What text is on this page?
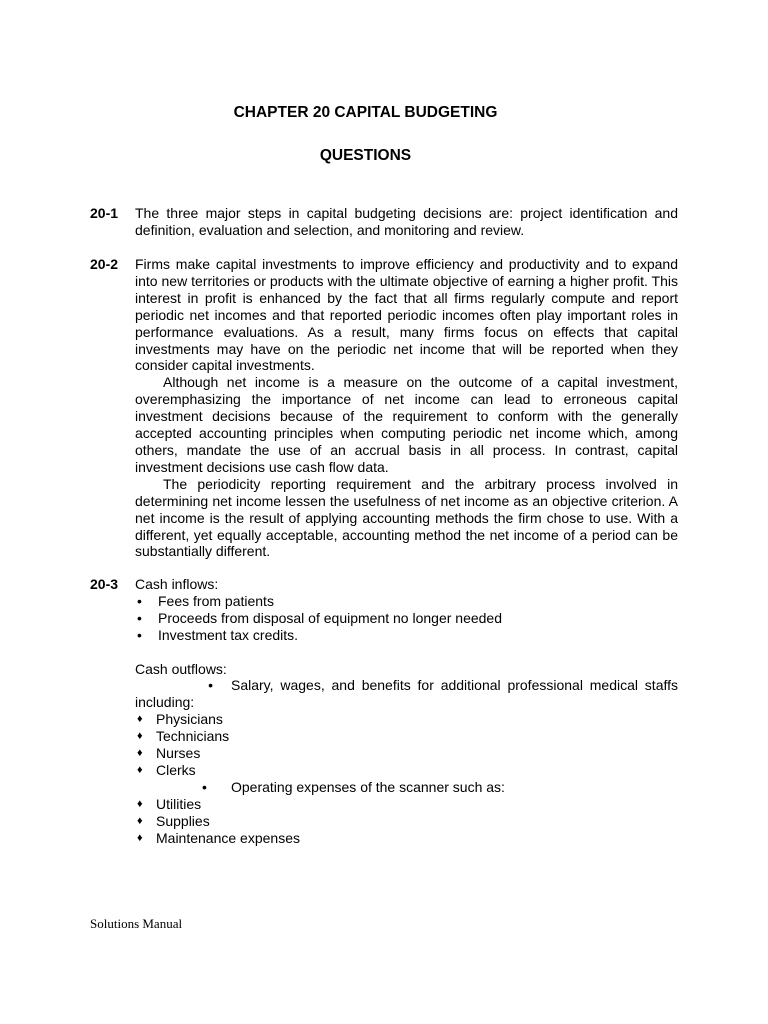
CHAPTER 20 CAPITAL BUDGETING
QUESTIONS
20-1	The three major steps in capital budgeting decisions are: project identification and definition, evaluation and selection, and monitoring and review.

20-2	Firms make capital investments to improve efficiency and productivity and to expand into new territories or products with the ultimate objective of earning a higher profit. This interest in profit is enhanced by the fact that all firms regularly compute and report periodic net incomes and that reported periodic incomes often play important roles in performance evaluations. As a result, many firms focus on effects that capital investments may have on the periodic net income that will be reported when they consider capital investments.

Although net income is a measure on the outcome of a capital investment, overemphasizing the importance of net income can lead to erroneous capital investment decisions because of the requirement to conform with the generally accepted accounting principles when computing periodic net income which, among others, mandate the use of an accrual basis in all process. In contrast, capital investment decisions use cash flow data.

The periodicity reporting requirement and the arbitrary process involved in determining net income lessen the usefulness of net income as an objective criterion. A net income is the result of applying accounting methods the firm chose to use. With a different, yet equally acceptable, accounting method the net income of a period can be substantially different.

20-3	Cash inflows:
• Fees from patients
• Proceeds from disposal of equipment no longer needed
• Investment tax credits.
Cash outflows:

• Salary, wages, and benefits for additional professional medical staffs including:

♦ Physicians
♦ Technicians
♦ Nurses
♦ Clerks

• Operating expenses of the scanner such as:

♦ Utilities
♦ Supplies
♦ Maintenance expenses
Solutions Manual
